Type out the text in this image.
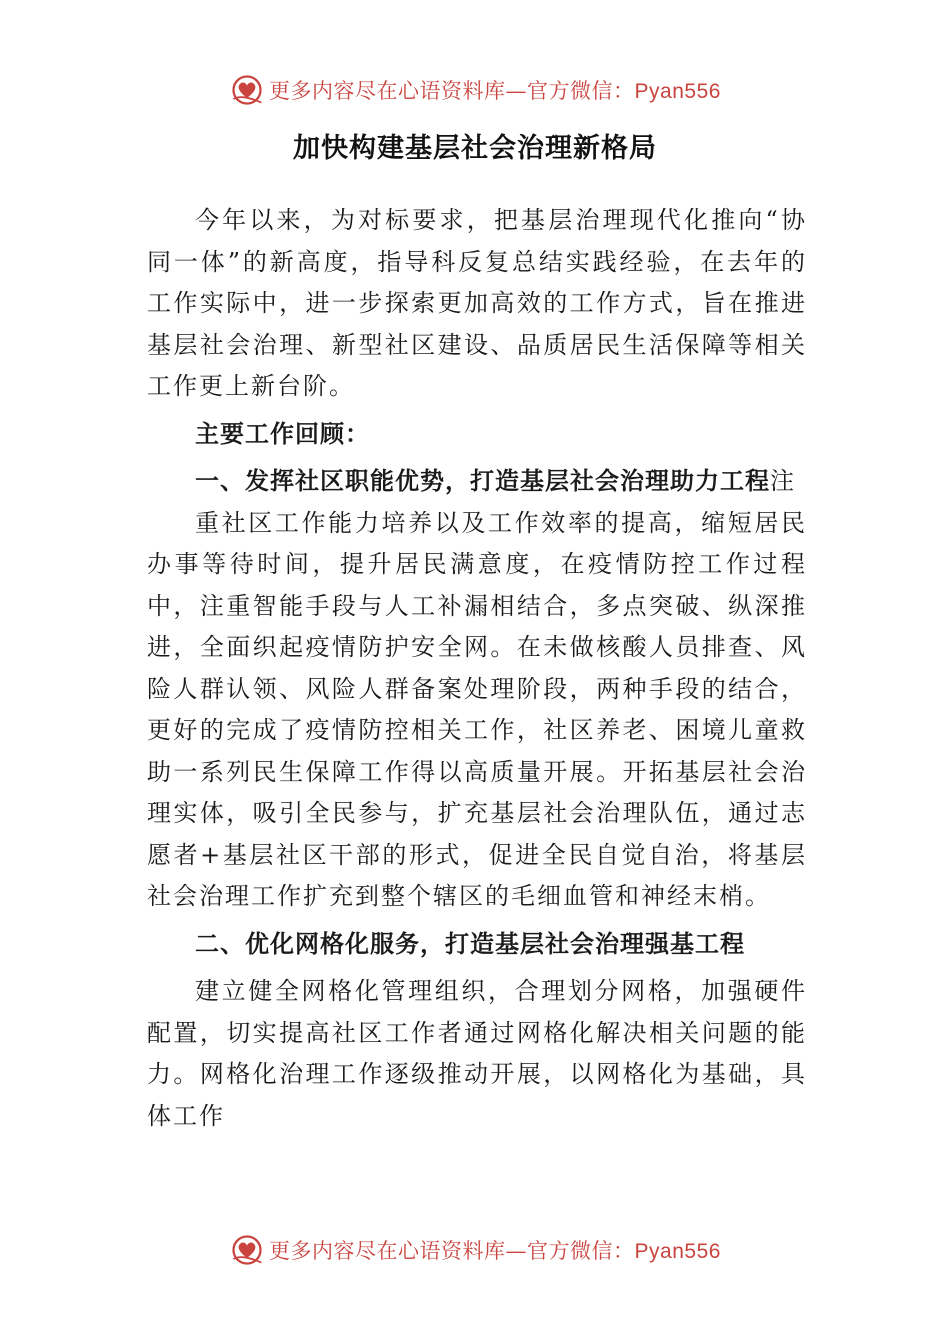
更多内容尽在心语资料库—官方微信：Pyan556
加快构建基层社会治理新格局

今年以来，为对标要求，把基层治理现代化推向“协同一体”的新高度，指导科反复总结实践经验，在去年的工作实际中，进一步探索更加高效的工作方式，旨在推进基层社会治理、新型社区建设、品质居民生活保障等相关工作更上新台阶。

主要工作回顾：

一、发挥社区职能优势，打造基层社会治理助力工程注

重社区工作能力培养以及工作效率的提高，缩短居民办事等待时间，提升居民满意度，在疫情防控工作过程中，注重智能手段与人工补漏相结合，多点突破、纵深推进，全面织起疫情防护安全网。在未做核酸人员排查、风险人群认领、风险人群备案处理阶段，两种手段的结合，更好的完成了疫情防控相关工作，社区养老、困境儿童救助一系列民生保障工作得以高质量开展。开拓基层社会治理实体，吸引全民参与，扩充基层社会治理队伍，通过志愿者+基层社区干部的形式，促进全民自觉自治，将基层社会治理工作扩充到整个辖区的毛细血管和神经末梢。

二、优化网格化服务，打造基层社会治理强基工程

建立健全网格化管理组织，合理划分网格，加强硬件配置，切实提高社区工作者通过网格化解决相关问题的能力。网格化治理工作逐级推动开展，以网格化为基础，具体工作

更多内容尽在心语资料库—官方微信：Pyan556
